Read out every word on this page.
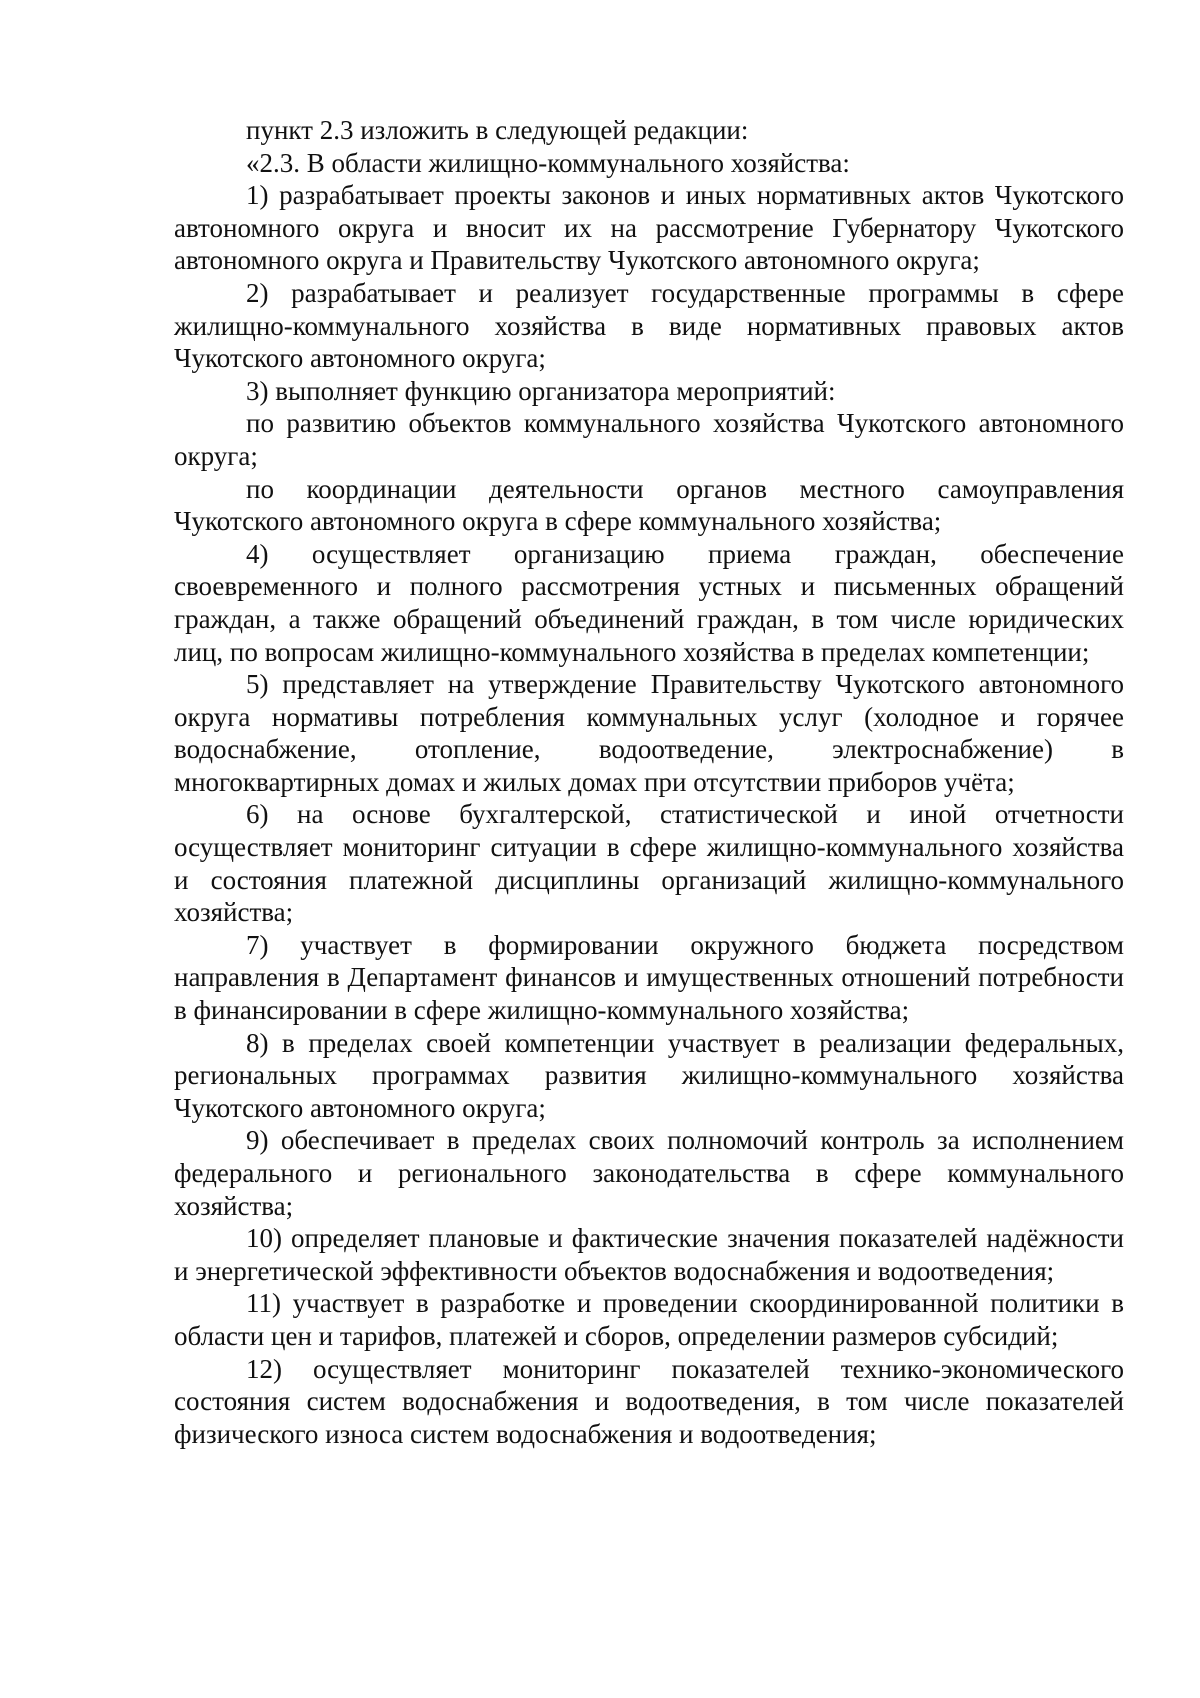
пункт 2.3 изложить в следующей редакции:

«2.3. В области жилищно-коммунального хозяйства:

1) разрабатывает проекты законов и иных нормативных актов Чукотского автономного округа и вносит их на рассмотрение Губернатору Чукотского автономного округа и Правительству Чукотского автономного округа;

2) разрабатывает и реализует государственные программы в сфере жилищно-коммунального хозяйства в виде нормативных правовых актов Чукотского автономного округа;

3) выполняет функцию организатора мероприятий:

по развитию объектов коммунального хозяйства Чукотского автономного округа;

по координации деятельности органов местного самоуправления Чукотского автономного округа в сфере коммунального хозяйства;

4) осуществляет организацию приема граждан, обеспечение своевременного и полного рассмотрения устных и письменных обращений граждан, а также обращений объединений граждан, в том числе юридических лиц, по вопросам жилищно-коммунального хозяйства в пределах компетенции;

5) представляет на утверждение Правительству Чукотского автономного округа нормативы потребления коммунальных услуг (холодное и горячее водоснабжение, отопление, водоотведение, электроснабжение) в многоквартирных домах и жилых домах при отсутствии приборов учёта;

6) на основе бухгалтерской, статистической и иной отчетности осуществляет мониторинг ситуации в сфере жилищно-коммунального хозяйства и состояния платежной дисциплины организаций жилищно-коммунального хозяйства;

7) участвует в формировании окружного бюджета посредством направления в Департамент финансов и имущественных отношений потребности в финансировании в сфере жилищно-коммунального хозяйства;

8) в пределах своей компетенции участвует в реализации федеральных, региональных программах развития жилищно-коммунального хозяйства Чукотского автономного округа;

9) обеспечивает в пределах своих полномочий контроль за исполнением федерального и регионального законодательства в сфере коммунального хозяйства;

10) определяет плановые и фактические значения показателей надёжности и энергетической эффективности объектов водоснабжения и водоотведения;

11) участвует в разработке и проведении скоординированной политики в области цен и тарифов, платежей и сборов, определении размеров субсидий;

12) осуществляет мониторинг показателей технико-экономического состояния систем водоснабжения и водоотведения, в том числе показателей физического износа систем водоснабжения и водоотведения;
